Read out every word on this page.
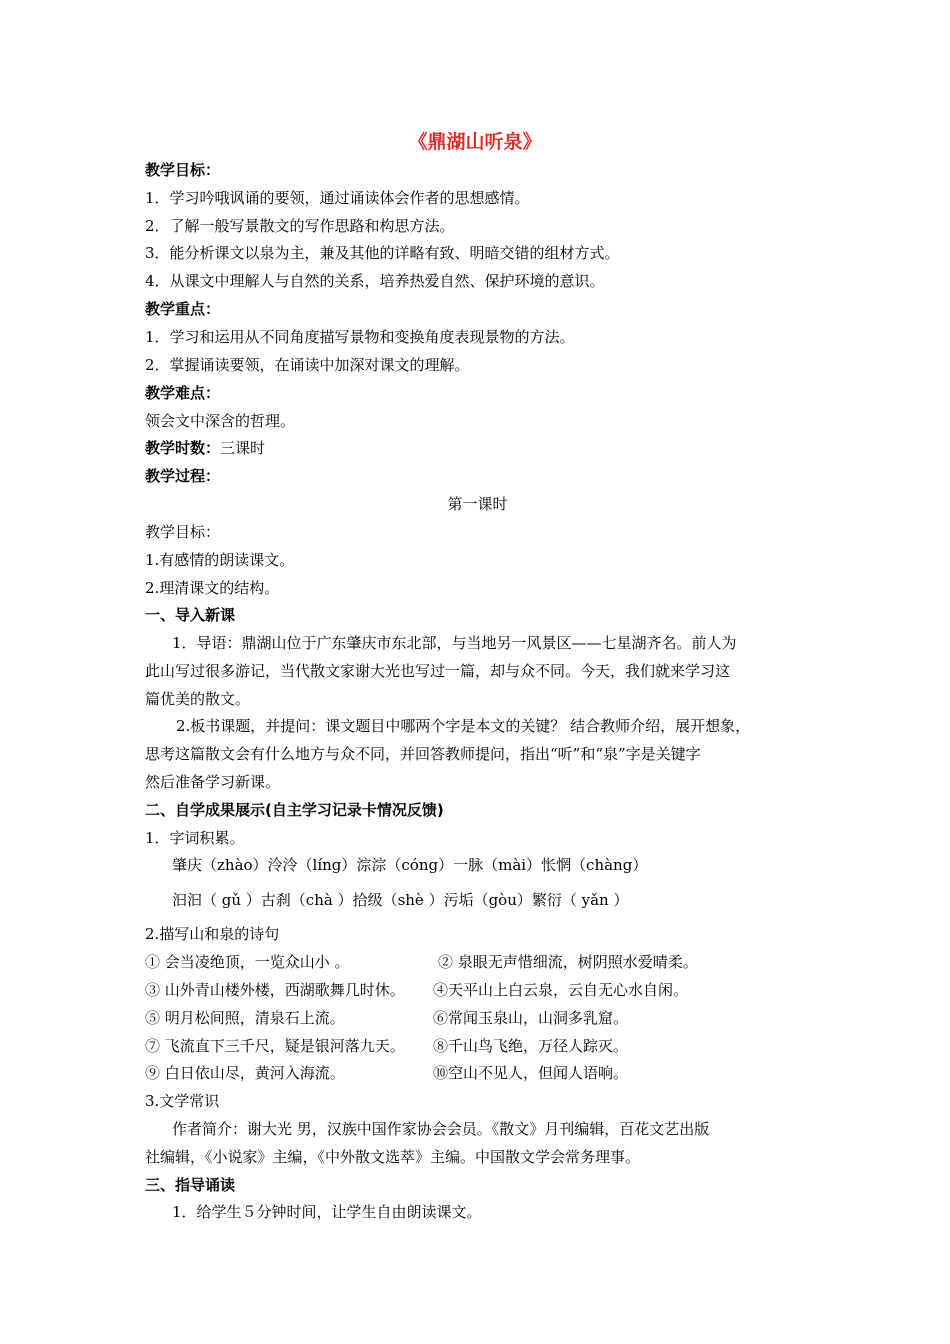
《鼎湖山听泉》
教学目标：
1．学习吟哦讽诵的要领，通过诵读体会作者的思想感情。
2．了解一般写景散文的写作思路和构思方法。
3．能分析课文以泉为主，兼及其他的详略有致、明暗交错的组材方式。
4．从课文中理解人与自然的关系，培养热爱自然、保护环境的意识。
教学重点：
1．学习和运用从不同角度描写景物和变换角度表现景物的方法。
2．掌握诵读要领，在诵读中加深对课文的理解。
教学难点：
领会文中深含的哲理。
教学时数：三课时
教学过程：
第一课时
教学目标：
1.有感情的朗读课文。
2.理清课文的结构。
一、导入新课
1．导语：鼎湖山位于广东肇庆市东北部，与当地另一风景区——七星湖齐名。前人为
此山写过很多游记，当代散文家谢大光也写过一篇，却与众不同。今天，我们就来学习这
篇优美的散文。
2.板书课题，并提问：课文题目中哪两个字是本文的关键？ 结合教师介绍，展开想象，
思考这篇散文会有什么地方与众不同，并回答教师提问，指出“听”和“泉”字是关键字
然后准备学习新课。
二、自学成果展示(自主学习记录卡情况反馈)
1．字词积累。
肇庆（zhào）泠泠（líng）淙淙（cóng）一脉（mài）怅惘（chàng）
汩汩（ gǔ ）古刹（chà ）拾级（shè ）污垢（gòu）繁衍（ yǎn ）
2.描写山和泉的诗句
① 会当凌绝顶，一览众山小 。	② 泉眼无声惜细流，树阴照水爱晴柔。
③ 山外青山楼外楼，西湖歌舞几时休。 ④天平山上白云泉，云自无心水自闲。
⑤ 明月松间照，清泉石上流。	⑥常闻玉泉山，山洞多乳窟。
⑦ 飞流直下三千尺，疑是银河落九天。 ⑧千山鸟飞绝，万径人踪灭。
⑨ 白日依山尽，黄河入海流。	⑩空山不见人，但闻人语响。
3.文学常识
作者简介：谢大光 男，汉族中国作家协会会员。《散文》月刊编辑，百花文艺出版
社编辑，《小说家》主编，《中外散文选萃》主编。中国散文学会常务理事。
三、指导诵读
1．给学生５分钟时间，让学生自由朗读课文。
